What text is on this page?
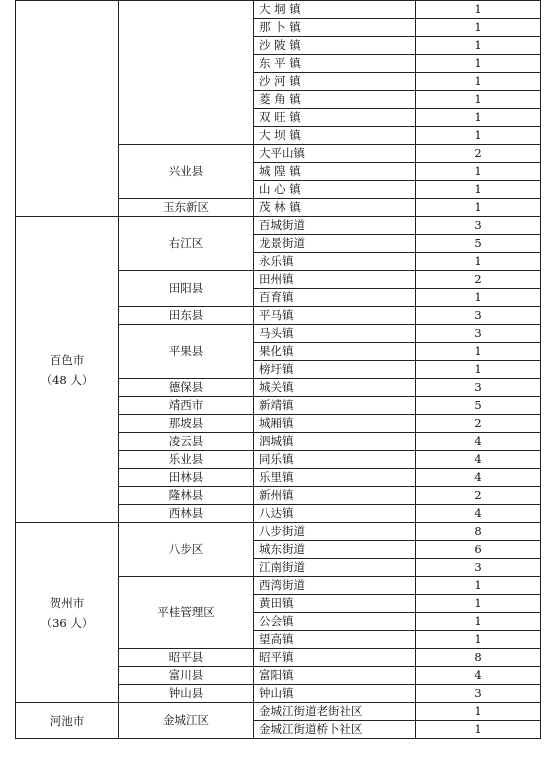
		大 垌 镇	1
		那 卜 镇	1
		沙 陂 镇	1
		东 平 镇	1
		沙 河 镇	1
		菱 角 镇	1
		双 旺 镇	1
		大 坝 镇	1
	兴业县	大平山镇	2
		城 隍 镇	1
		山 心 镇	1
	玉东新区	茂 林 镇	1

百色市
（48 人）	右江区	百城街道	3
		龙景街道	5
		永乐镇	1
	田阳县	田州镇	2
		百育镇	1
	田东县	平马镇	3
	平果县	马头镇	3
		果化镇	1
		榜圩镇	1
	德保县	城关镇	3
	靖西市	新靖镇	5
	那坡县	城厢镇	2
	凌云县	泗城镇	4
	乐业县	同乐镇	4
	田林县	乐里镇	4
	隆林县	新州镇	2
	西林县	八达镇	4

贺州市
（36 人）	八步区	八步街道	8
		城东街道	6
		江南街道	3
	平桂管理区	西湾街道	1
		黄田镇	1
		公会镇	1
		望高镇	1
	昭平县	昭平镇	8
	富川县	富阳镇	4
	钟山县	钟山镇	3

河池市	金城江区	金城江街道老街社区	1
		金城江街道桥卜社区	1
